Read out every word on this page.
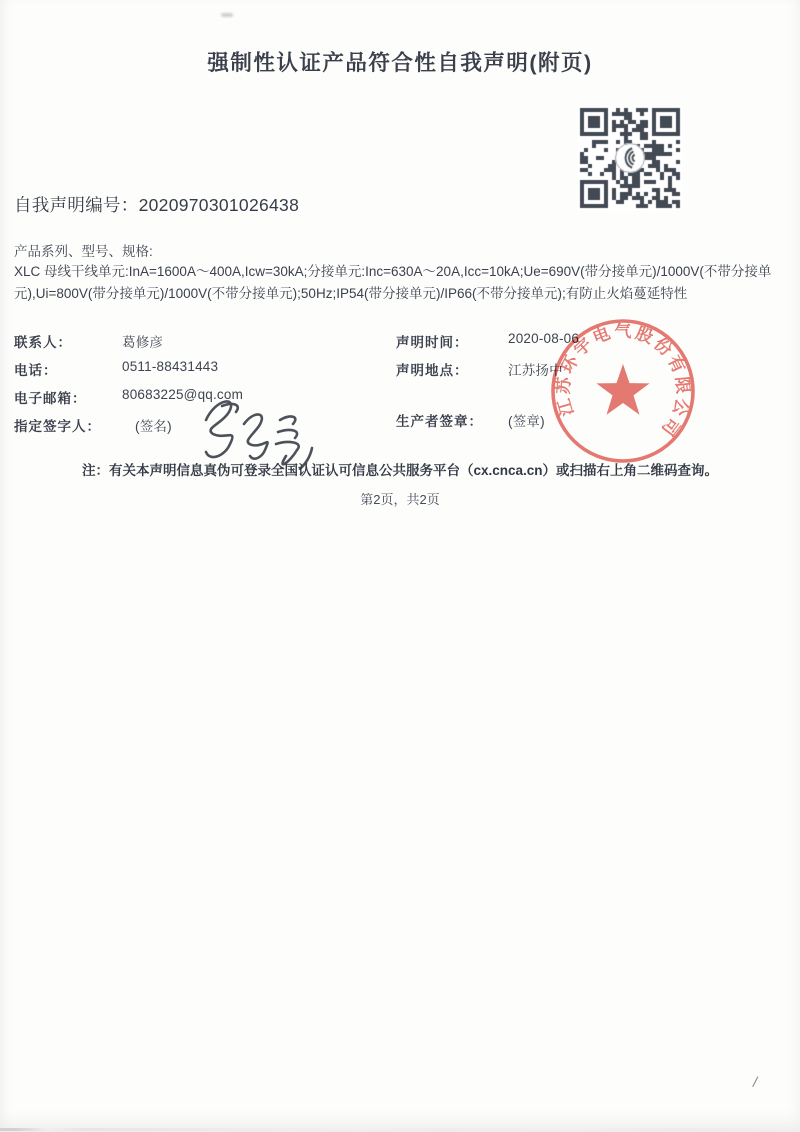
强制性认证产品符合性自我声明(附页)
自我声明编号：2020970301026438
产品系列、型号、规格:
XLC 母线干线单元:InA=1600A～400A,Icw=30kA;分接单元:Inc=630A～20A,Icc=10kA;Ue=690V(带分接单元)/1000V(不带分接单元),Ui=800V(带分接单元)/1000V(不带分接单元);50Hz;IP54(带分接单元)/IP66(不带分接单元);有防止火焰蔓延特性
联系人：	葛修彦
电话：	0511-88431443
电子邮箱：	80683225@qq.com
指定签字人：	(签名)
声明时间：	2020-08-06
声明地点：	江苏扬中
生产者签章： (签章)
江苏环宇电气股份有限公司
注：有关本声明信息真伪可登录全国认证认可信息公共服务平台（cx.cnca.cn）或扫描右上角二维码查询。
第2页，共2页
/
